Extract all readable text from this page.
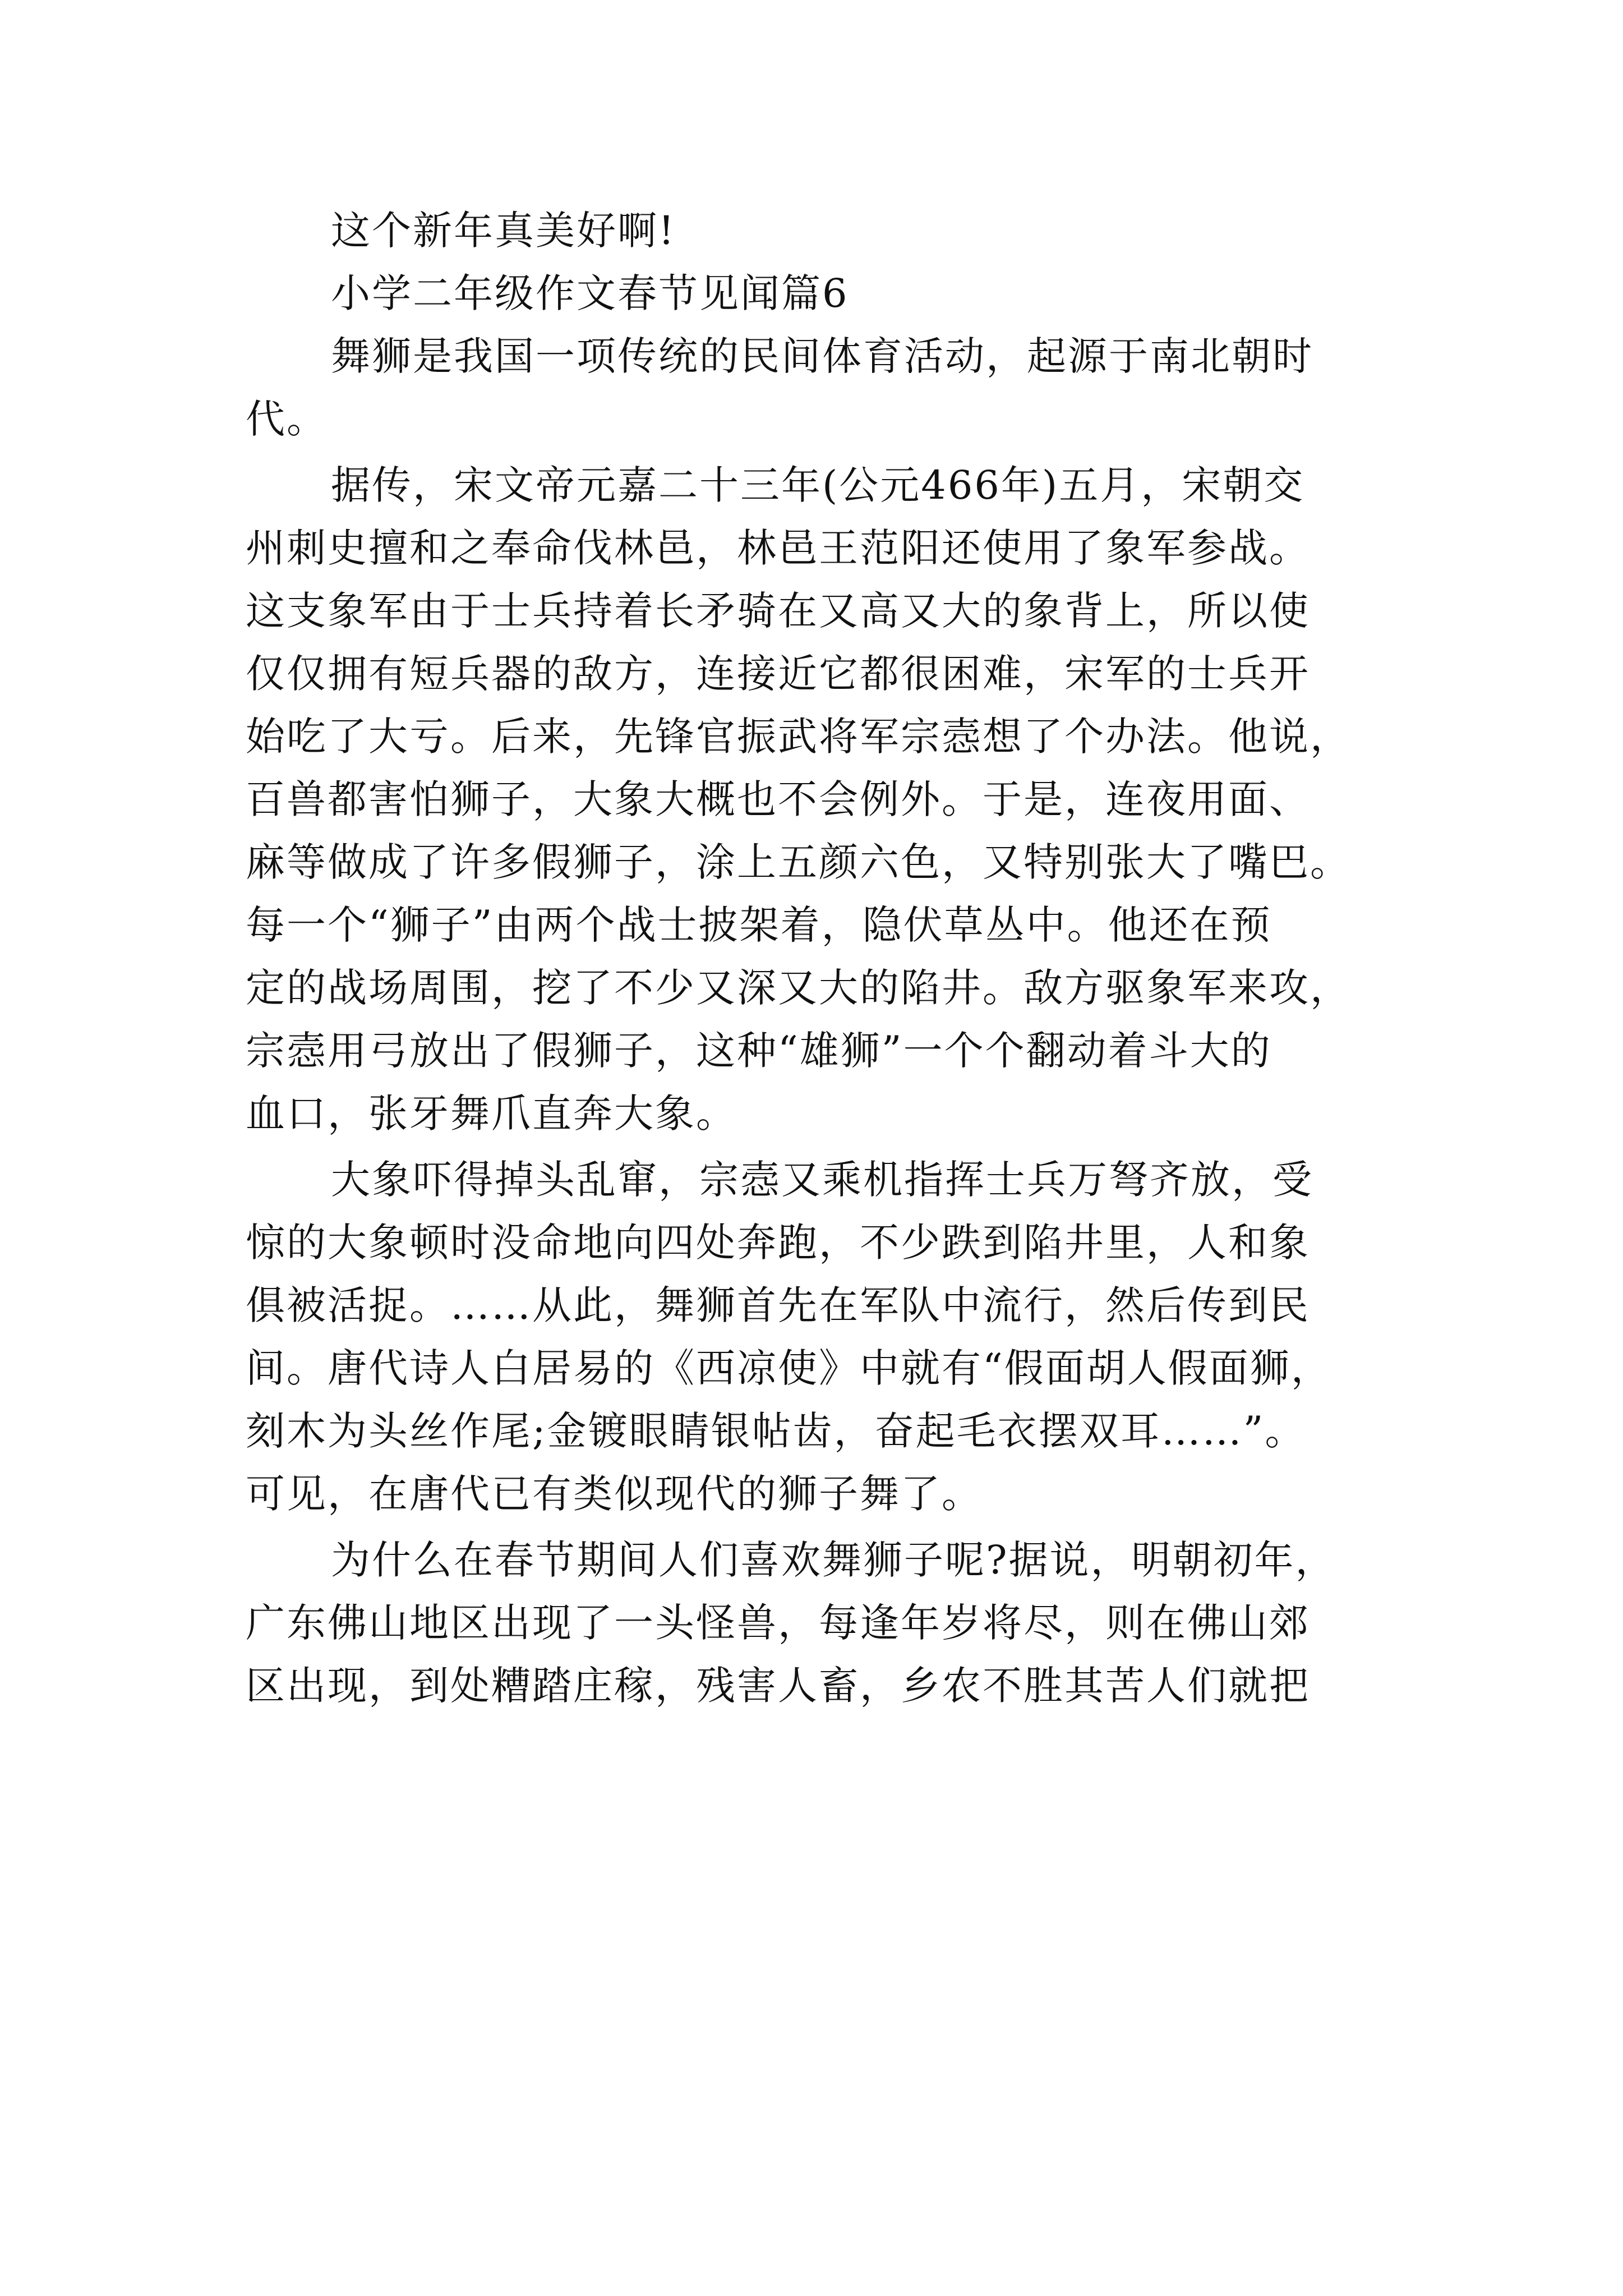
这个新年真美好啊!
小学二年级作文春节见闻篇6
舞狮是我国一项传统的民间体育活动，起源于南北朝时
代。
据传，宋文帝元嘉二十三年(公元466年)五月，宋朝交
州刺史擅和之奉命伐林邑，林邑王范阳还使用了象军参战。
这支象军由于士兵持着长矛骑在又高又大的象背上，所以使
仅仅拥有短兵器的敌方，连接近它都很困难，宋军的士兵开
始吃了大亏。后来，先锋官振武将军宗悫想了个办法。他说，
百兽都害怕狮子，大象大概也不会例外。于是，连夜用面、
麻等做成了许多假狮子，涂上五颜六色，又特别张大了嘴巴。
每一个“狮子”由两个战士披架着，隐伏草丛中。他还在预
定的战场周围，挖了不少又深又大的陷井。敌方驱象军来攻，
宗悫用弓放出了假狮子，这种“雄狮”一个个翻动着斗大的
血口，张牙舞爪直奔大象。
大象吓得掉头乱窜，宗悫又乘机指挥士兵万弩齐放，受
惊的大象顿时没命地向四处奔跑，不少跌到陷井里，人和象
俱被活捉。……从此，舞狮首先在军队中流行，然后传到民
间。唐代诗人白居易的《西凉使》中就有“假面胡人假面狮，
刻木为头丝作尾;金镀眼睛银帖齿，奋起毛衣摆双耳……”。
可见，在唐代已有类似现代的狮子舞了。
为什么在春节期间人们喜欢舞狮子呢?据说，明朝初年，
广东佛山地区出现了一头怪兽，每逢年岁将尽，则在佛山郊
区出现，到处糟踏庄稼，残害人畜，乡农不胜其苦人们就把
